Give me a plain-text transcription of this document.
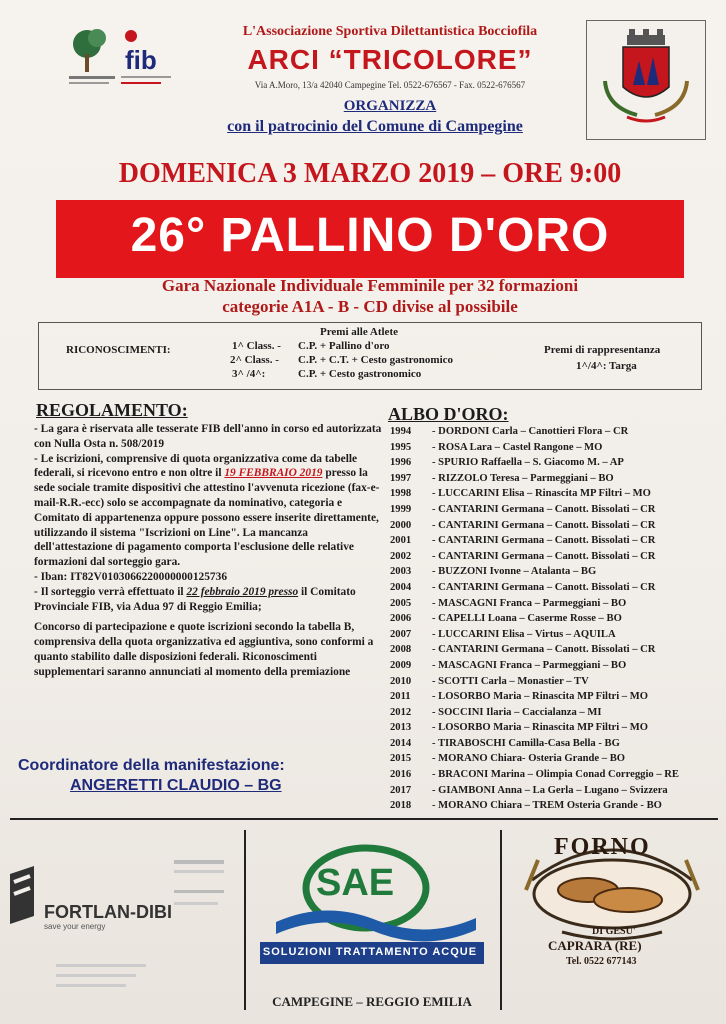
fib
L'Associazione Sportiva Dilettantistica Bocciofila
ARCI “TRICOLORE”
Via A.Moro, 13/a 42040 Campegine Tel. 0522-676567 - Fax. 0522-676567
ORGANIZZA
con il patrocinio del Comune di Campegine
DOMENICA 3 MARZO 2019 – ORE 9:00
26° PALLINO D'ORO
Gara Nazionale Individuale Femminile per 32 formazioni
categorie A1A - B - CD divise al possibile
Premi alle Atlete
RICONOSCIMENTI:	1^ Class. -	C.P. + Pallino d'oro
2^ Class. -	C.P. + C.T. + Cesto gastronomico
3^ /4^:	C.P. + Cesto gastronomico
Premi di rappresentanza
1^/4^: Targa
REGOLAMENTO:

- La gara è riservata alle tesserate FIB dell'anno in corso ed autorizzata con Nulla Osta n. 508/2019

- Le iscrizioni, comprensive di quota organizzativa come da tabelle federali, si ricevono entro e non oltre il 19 FEBBRAIO 2019 presso la sede sociale tramite dispositivi che attestino l'avvenuta ricezione (fax-e-mail-R.R.-ecc) solo se accompagnate da nominativo, categoria e Comitato di appartenenza oppure possono essere inserite direttamente, utilizzando il sistema "Iscrizioni on Line". La mancanza dell'attestazione di pagamento comporta l'esclusione delle relative formazioni dal sorteggio gara.

- Iban: IT82V0103066220000000125736

- Il sorteggio verrà effettuato il 22 febbraio 2019 presso il Comitato Provinciale FIB, via Adua 97 di Reggio Emilia;

Concorso di partecipazione e quote iscrizioni secondo la tabella B, comprensiva della quota organizzativa ed aggiuntiva, sono conformi a quanto stabilito dalle disposizioni federali. Riconoscimenti supplementari saranno annunciati al momento della premiazione

ALBO D'ORO:
1994	- DORDONI Carla – Canottieri Flora – CR
1995	- ROSA Lara – Castel Rangone – MO
1996	- SPURIO Raffaella – S. Giacomo M. – AP
1997	- RIZZOLO Teresa – Parmeggiani – BO
1998	- LUCCARINI Elisa – Rinascita MP Filtri – MO
1999	- CANTARINI Germana – Canott. Bissolati – CR
2000	- CANTARINI Germana – Canott. Bissolati – CR
2001	- CANTARINI Germana – Canott. Bissolati – CR
2002	- CANTARINI Germana – Canott. Bissolati – CR
2003	- BUZZONI Ivonne – Atalanta – BG
2004	- CANTARINI Germana – Canott. Bissolati – CR
2005	- MASCAGNI Franca – Parmeggiani – BO
2006	- CAPELLI Loana – Caserme Rosse – BO
2007	- LUCCARINI Elisa – Virtus – AQUILA
2008	- CANTARINI Germana – Canott. Bissolati – CR
2009	- MASCAGNI Franca – Parmeggiani – BO
2010	- SCOTTI Carla – Monastier – TV
2011	- LOSORBO Maria – Rinascita MP Filtri – MO
2012	- SOCCINI Ilaria – Caccialanza – MI
2013	- LOSORBO Maria – Rinascita MP Filtri – MO
2014	- TIRABOSCHI Camilla-Casa Bella - BG
2015	- MORANO Chiara- Osteria Grande – BO
2016	- BRACONI Marina – Olimpia Conad Correggio – RE
2017	- GIAMBONI Anna – La Gerla – Lugano – Svizzera
2018	- MORANO Chiara – TREM Osteria Grande - BO
Coordinatore della manifestazione:
ANGERETTI CLAUDIO – BG
FORTLAN-DIBI
save your energy
SAE
SOLUZIONI TRATTAMENTO ACQUE
CAMPEGINE – REGGIO EMILIA
FORNO
DI GESU'
CAPRARA (RE)
Tel. 0522 677143
